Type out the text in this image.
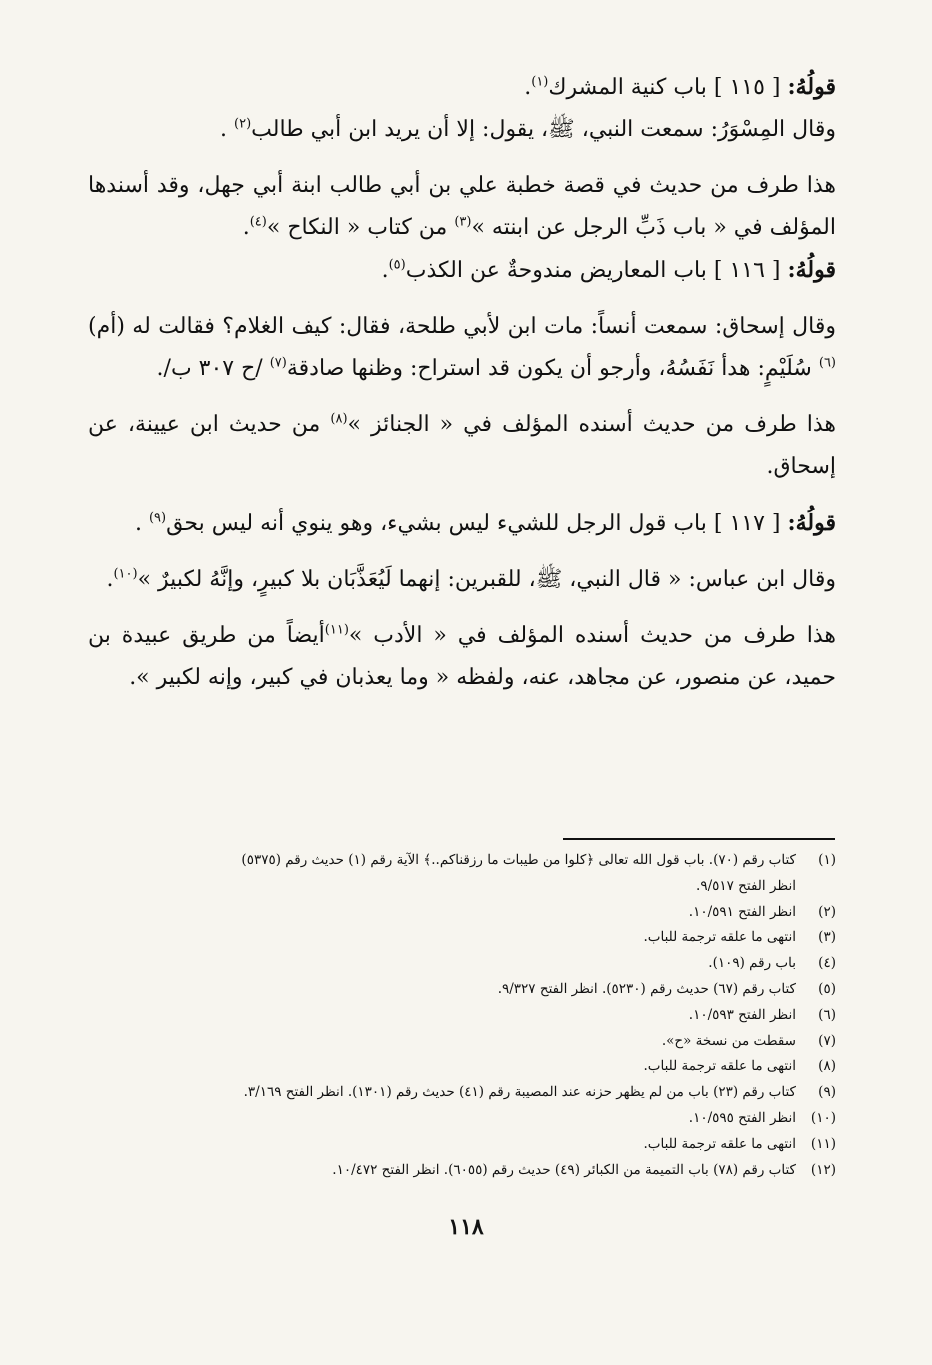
قولُهُ: [ ١١٥ ] باب كنية المشرك$^{(١)}$.

وقال المِسْوَرُ: سمعت النبي، ﷺ، يقول: إلا أن يريد ابن أبي طالب$^{(٢)}$ .

هذا طرف من حديث في قصة خطبة علي بن أبي طالب ابنة أبي جهل، وقد أسندها المؤلف في « باب ذَبِّ الرجل عن ابنته »$^{(٣)}$ من كتاب « النكاح »$^{(٤)}$.

قولُهُ: [ ١١٦ ] باب المعاريض مندوحةٌ عن الكذب$^{(٥)}$.

وقال إسحاق: سمعت أنساً: مات ابن لأبي طلحة، فقال: كيف الغلام؟ فقالت له (أم)$^{(٦)}$ سُلَيْمٍ: هدأ نَفَسُهُ، وأرجو أن يكون قد استراح: وظنها صادقة$^{(٧)}$ /ح ٣٠٧ ب/.

هذا طرف من حديث أسنده المؤلف في « الجنائز »$^{(٨)}$ من حديث ابن عيينة، عن إسحاق.

قولُهُ: [ ١١٧ ] باب قول الرجل للشيء ليس بشيء، وهو ينوي أنه ليس بحق$^{(٩)}$ .

وقال ابن عباس: « قال النبي، ﷺ، للقبرين: إنهما لَيُعَذَّبَان بلا كبيرٍ، وإنَّهُ لكبيرٌ »$^{(١٠)}$.

هذا طرف من حديث أسنده المؤلف في « الأدب »$^{(١١)}$أيضاً من طريق عبيدة بن حميد، عن منصور، عن مجاهد، عنه، ولفظه « وما يعذبان في كبير، وإنه لكبير ».

(١)
كتاب رقم (٧٠). باب قول الله تعالى ﴿كلوا من طيبات ما رزقناكم..﴾ الآية رقم (١) حديث رقم (٥٣٧٥)
انظر الفتح ٩/٥١٧.
(٢)
انظر الفتح ١٠/٥٩١.
(٣)
انتهى ما علقه ترجمة للباب.
(٤)
باب رقم (١٠٩).
(٥)
كتاب رقم (٦٧) حديث رقم (٥٢٣٠). انظر الفتح ٩/٣٢٧.
(٦)
انظر الفتح ١٠/٥٩٣.
(٧)
سقطت من نسخة «ح».
(٨)
انتهى ما علقه ترجمة للباب.
(٩)
كتاب رقم (٢٣) باب من لم يظهر حزنه عند المصيبة رقم (٤١) حديث رقم (١٣٠١). انظر الفتح ٣/١٦٩.
(١٠)
انظر الفتح ١٠/٥٩٥.
(١١)
انتهى ما علقه ترجمة للباب.
(١٢)
كتاب رقم (٧٨) باب التميمة من الكبائر (٤٩) حديث رقم (٦٠٥٥). انظر الفتح ١٠/٤٧٢.
١١٨
